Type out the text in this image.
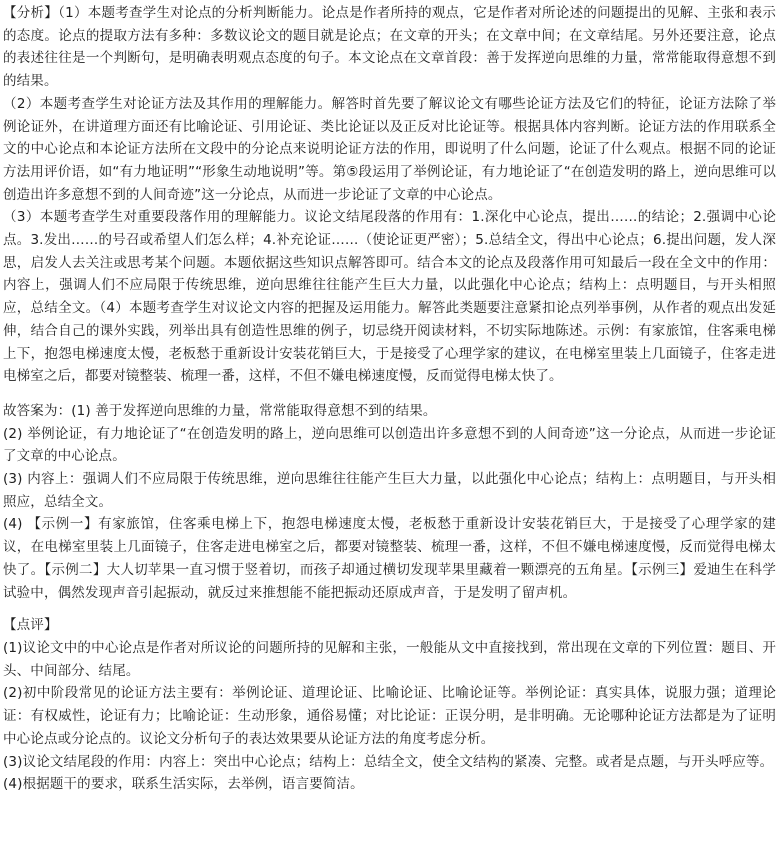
【分析】（1）本题考查学生对论点的分析判断能力。论点是作者所持的观点，它是作者对所论述的问题提出的见解、主张和表示的态度。论点的提取方法有多种：多数议论文的题目就是论点；在文章的开头；在文章中间；在文章结尾。另外还要注意，论点的表述往往是一个判断句，是明确表明观点态度的句子。本文论点在文章首段：善于发挥逆向思维的力量，常常能取得意想不到的结果。

（2）本题考查学生对论证方法及其作用的理解能力。解答时首先要了解议论文有哪些论证方法及它们的特征，论证方法除了举例论证外，在讲道理方面还有比喻论证、引用论证、类比论证以及正反对比论证等。根据具体内容判断。论证方法的作用联系全文的中心论点和本论证方法所在文段中的分论点来说明论证方法的作用，即说明了什么问题，论证了什么观点。根据不同的论证方法用评价语，如“有力地证明”“形象生动地说明”等。第⑤段运用了举例论证，有力地论证了“在创造发明的路上，逆向思维可以创造出许多意想不到的人间奇迹”这一分论点，从而进一步论证了文章的中心论点。

（3）本题考查学生对重要段落作用的理解能力。议论文结尾段落的作用有：1.深化中心论点，提出……的结论；2.强调中心论点。3.发出……的号召或希望人们怎么样；4.补充论证……（使论证更严密）；5.总结全文，得出中心论点；6.提出问题，发人深思，启发人去关注或思考某个问题。本题依据这些知识点解答即可。结合本文的论点及段落作用可知最后一段在全文中的作用：内容上，强调人们不应局限于传统思维，逆向思维往往能产生巨大力量，以此强化中心论点；结构上：点明题目，与开头相照应，总结全文。（4）本题考查学生对议论文内容的把握及运用能力。解答此类题要注意紧扣论点列举事例，从作者的观点出发延伸，结合自己的课外实践，列举出具有创造性思维的例子，切忌绕开阅读材料，不切实际地陈述。示例：有家旅馆，住客乘电梯上下，抱怨电梯速度太慢，老板愁于重新设计安装花销巨大，于是接受了心理学家的建议，在电梯室里装上几面镜子，住客走进电梯室之后，都要对镜整装、梳理一番，这样，不但不嫌电梯速度慢，反而觉得电梯太快了。

故答案为：(1) 善于发挥逆向思维的力量，常常能取得意想不到的结果。

(2) 举例论证，有力地论证了“在创造发明的路上，逆向思维可以创造出许多意想不到的人间奇迹”这一分论点，从而进一步论证了文章的中心论点。

(3) 内容上：强调人们不应局限于传统思维，逆向思维往往能产生巨大力量，以此强化中心论点；结构上：点明题目，与开头相照应，总结全文。

(4) 【示例一】有家旅馆，住客乘电梯上下，抱怨电梯速度太慢，老板愁于重新设计安装花销巨大，于是接受了心理学家的建议，在电梯室里装上几面镜子，住客走进电梯室之后，都要对镜整装、梳理一番，这样，不但不嫌电梯速度慢，反而觉得电梯太快了。【示例二】大人切苹果一直习惯于竖着切，而孩子却通过横切发现苹果里藏着一颗漂亮的五角星。【示例三】爱迪生在科学试验中，偶然发现声音引起振动，就反过来推想能不能把振动还原成声音，于是发明了留声机。

【点评】

(1)议论文中的中心论点是作者对所议论的问题所持的见解和主张，一般能从文中直接找到，常出现在文章的下列位置：题目、开头、中间部分、结尾。

(2)初中阶段常见的论证方法主要有：举例论证、道理论证、比喻论证、比喻论证等。举例论证：真实具体，说服力强；道理论证：有权威性，论证有力；比喻论证：生动形象，通俗易懂；对比论证：正误分明，是非明确。无论哪种论证方法都是为了证明中心论点或分论点的。议论文分析句子的表达效果要从论证方法的角度考虑分析。

(3)议论文结尾段的作用：内容上：突出中心论点；结构上：总结全文，使全文结构的紧凑、完整。或者是点题，与开头呼应等。

(4)根据题干的要求，联系生活实际，去举例，语言要简洁。
